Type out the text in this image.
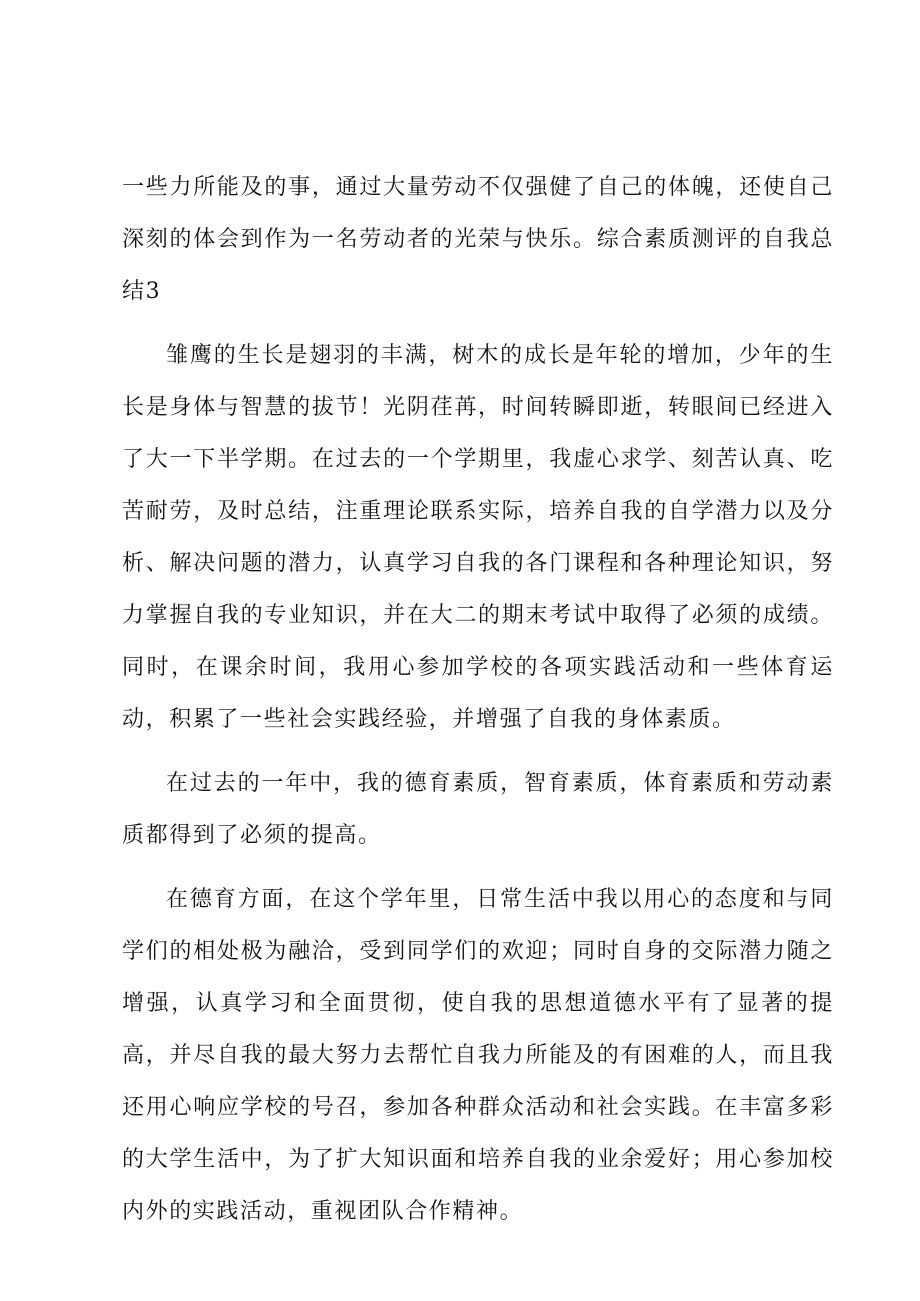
一些力所能及的事，通过大量劳动不仅强健了自己的体魄，还使自己深刻的体会到作为一名劳动者的光荣与快乐。综合素质测评的自我总结3

雏鹰的生长是翅羽的丰满，树木的成长是年轮的增加，少年的生长是身体与智慧的拔节！光阴荏苒，时间转瞬即逝，转眼间已经进入了大一下半学期。在过去的一个学期里，我虚心求学、刻苦认真、吃苦耐劳，及时总结，注重理论联系实际，培养自我的自学潜力以及分析、解决问题的潜力，认真学习自我的各门课程和各种理论知识，努力掌握自我的专业知识，并在大二的期末考试中取得了必须的成绩。同时，在课余时间，我用心参加学校的各项实践活动和一些体育运动，积累了一些社会实践经验，并增强了自我的身体素质。

在过去的一年中，我的德育素质，智育素质，体育素质和劳动素质都得到了必须的提高。

在德育方面，在这个学年里，日常生活中我以用心的态度和与同学们的相处极为融洽，受到同学们的欢迎；同时自身的交际潜力随之增强，认真学习和全面贯彻，使自我的思想道德水平有了显著的提高，并尽自我的最大努力去帮忙自我力所能及的有困难的人，而且我还用心响应学校的号召，参加各种群众活动和社会实践。在丰富多彩的大学生活中，为了扩大知识面和培养自我的业余爱好；用心参加校内外的实践活动，重视团队合作精神。
